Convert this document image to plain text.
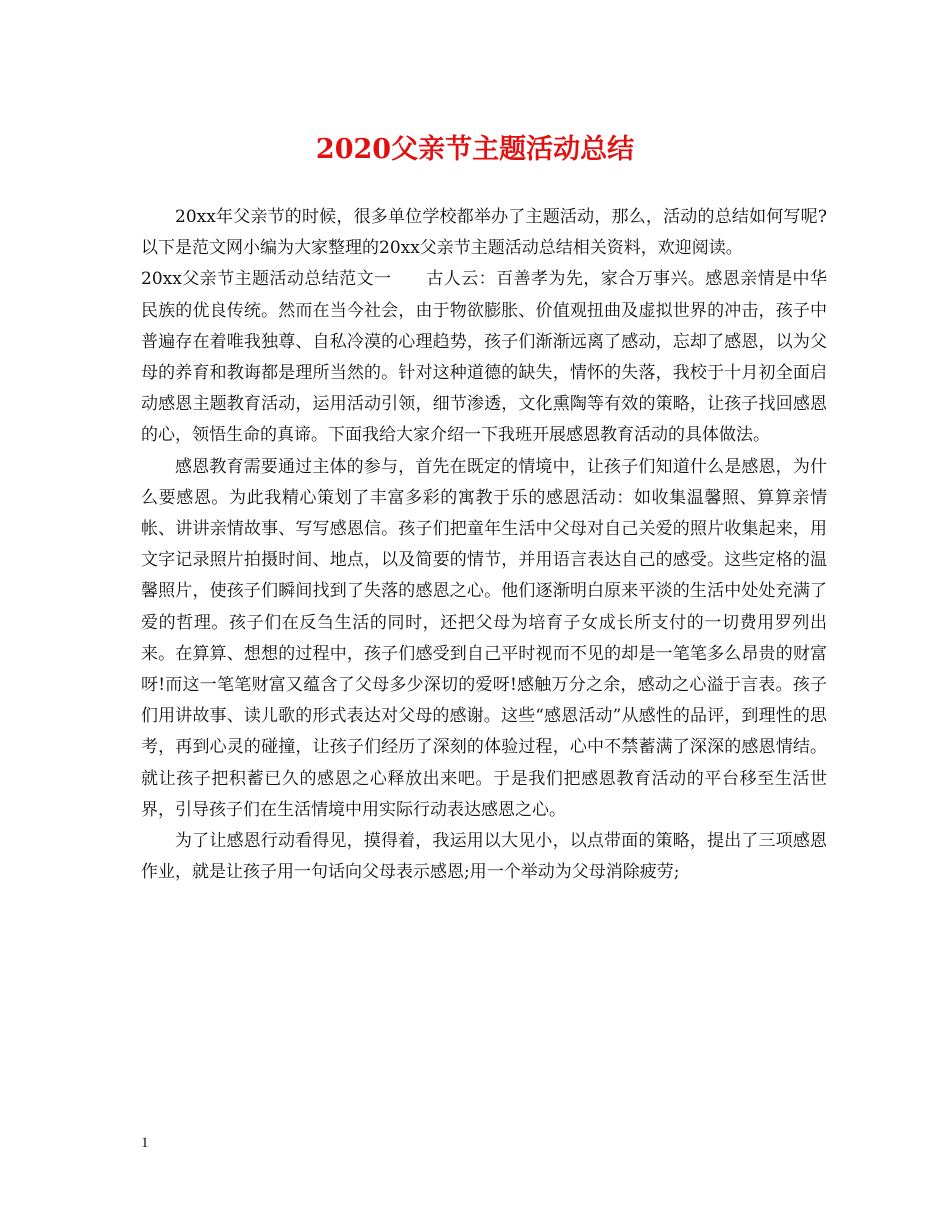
2020父亲节主题活动总结

20xx年父亲节的时候，很多单位学校都举办了主题活动，那么，活动的总结如何写呢?以下是范文网小编为大家整理的20xx父亲节主题活动总结相关资料，欢迎阅读。

20xx父亲节主题活动总结范文一　　古人云：百善孝为先，家合万事兴。感恩亲情是中华民族的优良传统。然而在当今社会，由于物欲膨胀、价值观扭曲及虚拟世界的冲击，孩子中普遍存在着唯我独尊、自私冷漠的心理趋势，孩子们渐渐远离了感动，忘却了感恩，以为父母的养育和教诲都是理所当然的。针对这种道德的缺失，情怀的失落，我校于十月初全面启动感恩主题教育活动，运用活动引领，细节渗透，文化熏陶等有效的策略，让孩子找回感恩的心，领悟生命的真谛。下面我给大家介绍一下我班开展感恩教育活动的具体做法。

感恩教育需要通过主体的参与，首先在既定的情境中，让孩子们知道什么是感恩，为什么要感恩。为此我精心策划了丰富多彩的寓教于乐的感恩活动：如收集温馨照、算算亲情帐、讲讲亲情故事、写写感恩信。孩子们把童年生活中父母对自己关爱的照片收集起来，用文字记录照片拍摄时间、地点，以及简要的情节，并用语言表达自己的感受。这些定格的温馨照片，使孩子们瞬间找到了失落的感恩之心。他们逐渐明白原来平淡的生活中处处充满了爱的哲理。孩子们在反刍生活的同时，还把父母为培育子女成长所支付的一切费用罗列出来。在算算、想想的过程中，孩子们感受到自己平时视而不见的却是一笔笔多么昂贵的财富呀!而这一笔笔财富又蕴含了父母多少深切的爱呀!感触万分之余，感动之心溢于言表。孩子们用讲故事、读儿歌的形式表达对父母的感谢。这些“感恩活动”从感性的品评，到理性的思考，再到心灵的碰撞，让孩子们经历了深刻的体验过程，心中不禁蓄满了深深的感恩情结。就让孩子把积蓄已久的感恩之心释放出来吧。于是我们把感恩教育活动的平台移至生活世界，引导孩子们在生活情境中用实际行动表达感恩之心。

为了让感恩行动看得见，摸得着，我运用以大见小，以点带面的策略，提出了三项感恩作业，就是让孩子用一句话向父母表示感恩;用一个举动为父母消除疲劳;

1
